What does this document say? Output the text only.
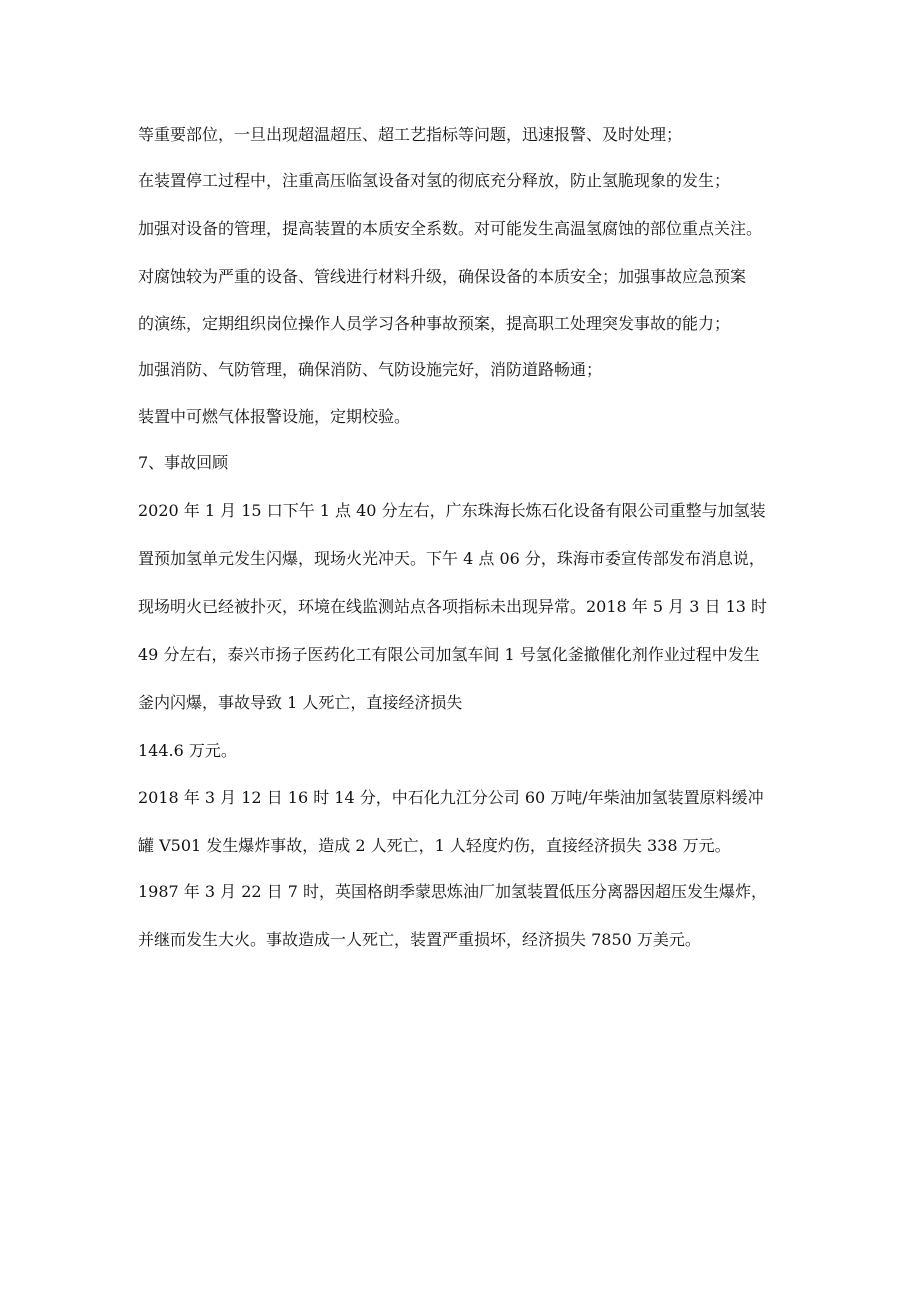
等重要部位，一旦出现超温超压、超工艺指标等问题，迅速报警、及时处理；

在装置停工过程中，注重高压临氢设备对氢的彻底充分释放，防止氢脆现象的发生；

加强对设备的管理，提高装置的本质安全系数。对可能发生高温氢腐蚀的部位重点关注。

对腐蚀较为严重的设备、管线进行材料升级，确保设备的本质安全；加强事故应急预案

的演练，定期组织岗位操作人员学习各种事故预案，提高职工处理突发事故的能力；

加强消防、气防管理，确保消防、气防设施完好，消防道路畅通；

装置中可燃气体报警设施，定期校验。

7、事故回顾

2020 年 1 月 15 口下午 1 点 40 分左右，广东珠海长炼石化设备有限公司重整与加氢装

置预加氢单元发生闪爆，现场火光冲天。下午 4 点 06 分，珠海市委宣传部发布消息说，

现场明火已经被扑灭，环境在线监测站点各项指标未出现异常。2018 年 5 月 3 日 13 时

49 分左右，泰兴市扬子医药化工有限公司加氢车间 1 号氢化釜撤催化剂作业过程中发生

釜内闪爆，事故导致 1 人死亡，直接经济损失

144.6 万元。

2018 年 3 月 12 日 16 时 14 分，中石化九江分公司 60 万吨/年柴油加氢装置原料缓冲

罐 V501 发生爆炸事故，造成 2 人死亡，1 人轻度灼伤，直接经济损失 338 万元。

1987 年 3 月 22 日 7 时，英国格朗季蒙思炼油厂加氢装置低压分离器因超压发生爆炸，

并继而发生大火。事故造成一人死亡，装置严重损坏，经济损失 7850 万美元。
